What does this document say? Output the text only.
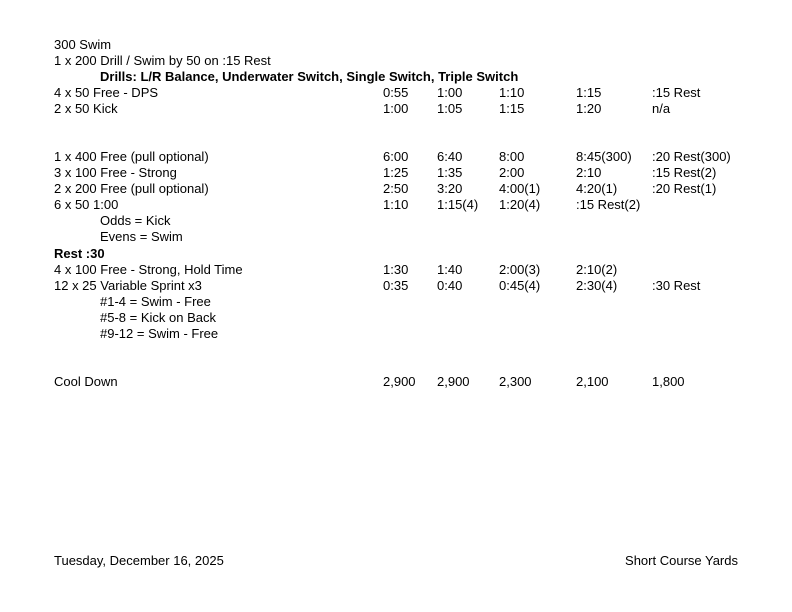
300 Swim
1 x 200 Drill / Swim by 50 on :15 Rest
Drills: L/R Balance, Underwater Switch, Single Switch, Triple Switch
4 x 50 Free - DPS	0:55 1:00	1:10	1:15	:15 Rest
2 x 50 Kick	1:00 1:05	1:15	1:20	n/a
1 x 400 Free (pull optional)	6:00 6:40	8:00	8:45(300) :20 Rest(300)
3 x 100 Free - Strong	1:25 1:35	2:00	2:10	:15 Rest(2)
2 x 200 Free (pull optional)	2:50 3:20	4:00(1)	4:20(1)	:20 Rest(1)
6 x 50 1:00	1:10 1:15(4) 1:20(4)	:15 Rest(2)
Odds = Kick
Evens = Swim
Rest :30
4 x 100 Free - Strong, Hold Time	1:30 1:40	2:00(3)	2:10(2)
12 x 25 Variable Sprint x3	0:35 0:40	0:45(4)	2:30(4)	:30 Rest
#1-4 = Swim - Free
#5-8 = Kick on Back
#9-12 = Swim - Free
Cool Down	2,900 2,900 2,300	2,100	1,800
Tuesday, December 16, 2025	Short Course Yards
